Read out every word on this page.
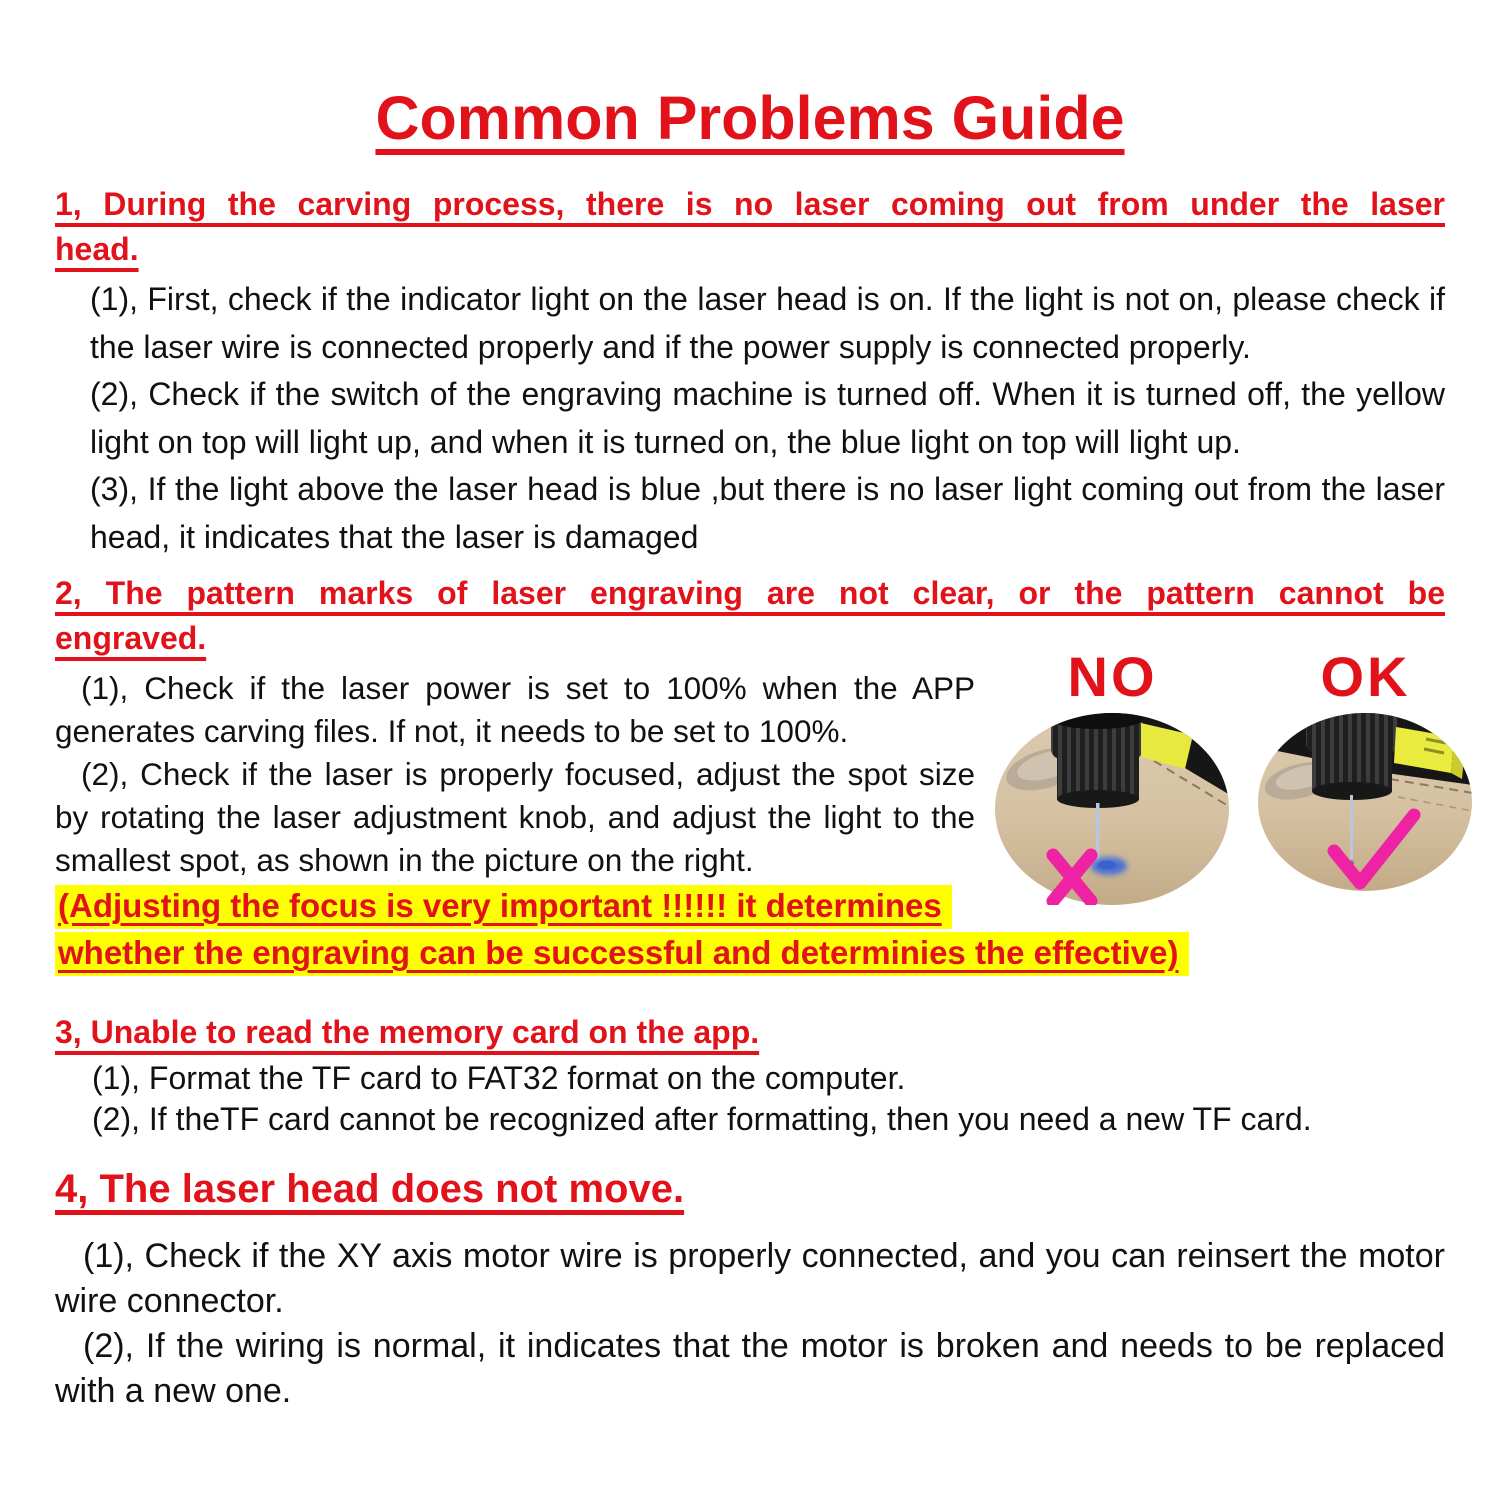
Common Problems Guide
1, During the carving process, there is no laser coming out from under the laser
head.

(1), First, check if the indicator light on the laser head is on. If the light is not on, please check if the laser wire is connected properly and if the power supply is connected properly.

(2), Check if the switch of the engraving machine is turned off. When it is turned off, the yellow light on top will light up, and when it is turned on, the blue light on top will light up.

(3), If the light above the laser head is blue ,but there is no laser light coming out from the laser head, it indicates that the laser is damaged

2, The pattern marks of laser engraving are not clear, or the pattern cannot be
engraved.
NO	OK

(1), Check if the laser power is set to 100% when the APP generates carving files. If not, it needs to be set to 100%.

(2), Check if the laser is properly focused, adjust the spot size by rotating the laser adjustment knob, and adjust the light to the smallest spot, as shown in the picture on the right.

(Adjusting the focus is very important !!!!!! it determines
whether the engraving can be successful and determinies the effective)
3, Unable to read the memory card on the app.

(1), Format the TF card to FAT32 format on the computer.

(2), If theTF card cannot be recognized after formatting, then you need a new TF card.

4, The laser head does not move.

(1), Check if the XY axis motor wire is properly connected, and you can reinsert the motor wire connector.

(2), If the wiring is normal, it indicates that the motor is broken and needs to be replaced with a new one.
